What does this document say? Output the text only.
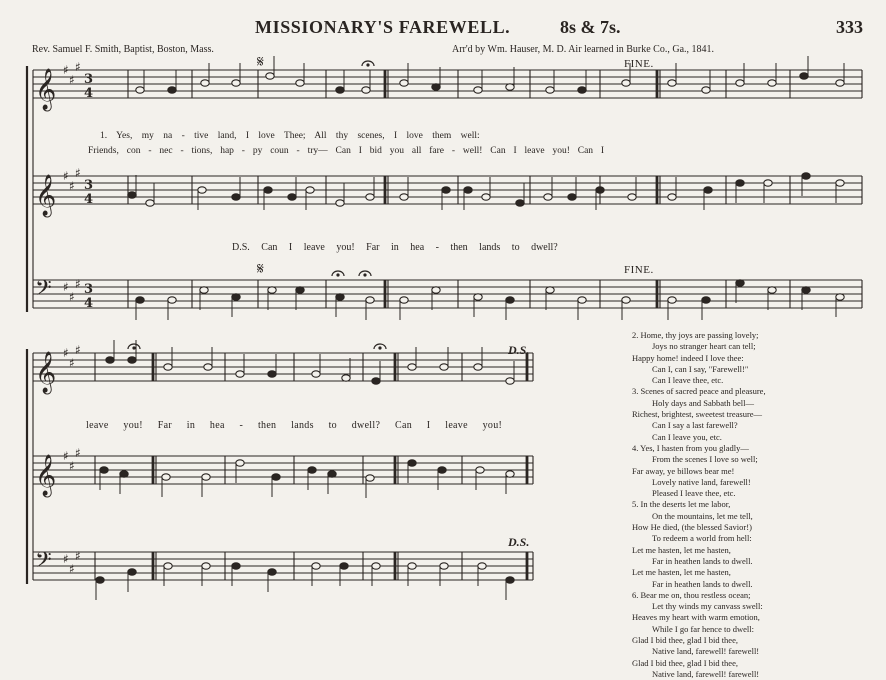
MISSIONARY'S FAREWELL.	8s & 7s.	333
Rev. Samuel F. Smith, Baptist, Boston, Mass.	Arr'd by Wm. Hauser, M. D. Air learned in Burke Co., Ga., 1841.
FINE.
FINE.
D.S.
D.S.
1. Yes, my na - tive land, I love Thee; All thy scenes, I love them well:
Friends, con - nec - tions, hap - py coun - try— Can I bid you all fare - well! Can I leave you! Can I
D.S. Can I leave you! Far in hea - then lands to dwell?
leave you! Far in hea - then lands to dwell? Can I leave you!
2. Home, thy joys are passing lovely;
Joys no stranger heart can tell;
Happy home! indeed I love thee:
Can I, can I say, "Farewell!"
Can I leave thee, etc.
3. Scenes of sacred peace and pleasure,
Holy days and Sabbath bell—
Richest, brightest, sweetest treasure—
Can I say a last farewell?
Can I leave you, etc.
4. Yes, I hasten from you gladly—
From the scenes I love so well;
Far away, ye billows bear me!
Lovely native land, farewell!
Pleased I leave thee, etc.
5. In the deserts let me labor,
On the mountains, let me tell,
How He died, (the blessed Savior!)
To redeem a world from hell:
Let me hasten, let me hasten,
Far in heathen lands to dwell.
Let me hasten, let me hasten,
Far in heathen lands to dwell.
6. Bear me on, thou restless ocean;
Let thy winds my canvass swell:
Heaves my heart with warm emotion,
While I go far hence to dwell:
Glad I bid thee, glad I bid thee,
Native land, farewell! farewell!
Glad I bid thee, glad I bid thee,
Native land, farewell! farewell!
𝄞 ♯
♯
♯
3
4
𝄞 ♯
♯
♯
3
4
𝄢 ♯
♯
♯ 3
4
𝄞 ♯
♯
♯
𝄞 ♯
♯
♯
𝄢 ♯
♯
♯
𝄋
𝄋
